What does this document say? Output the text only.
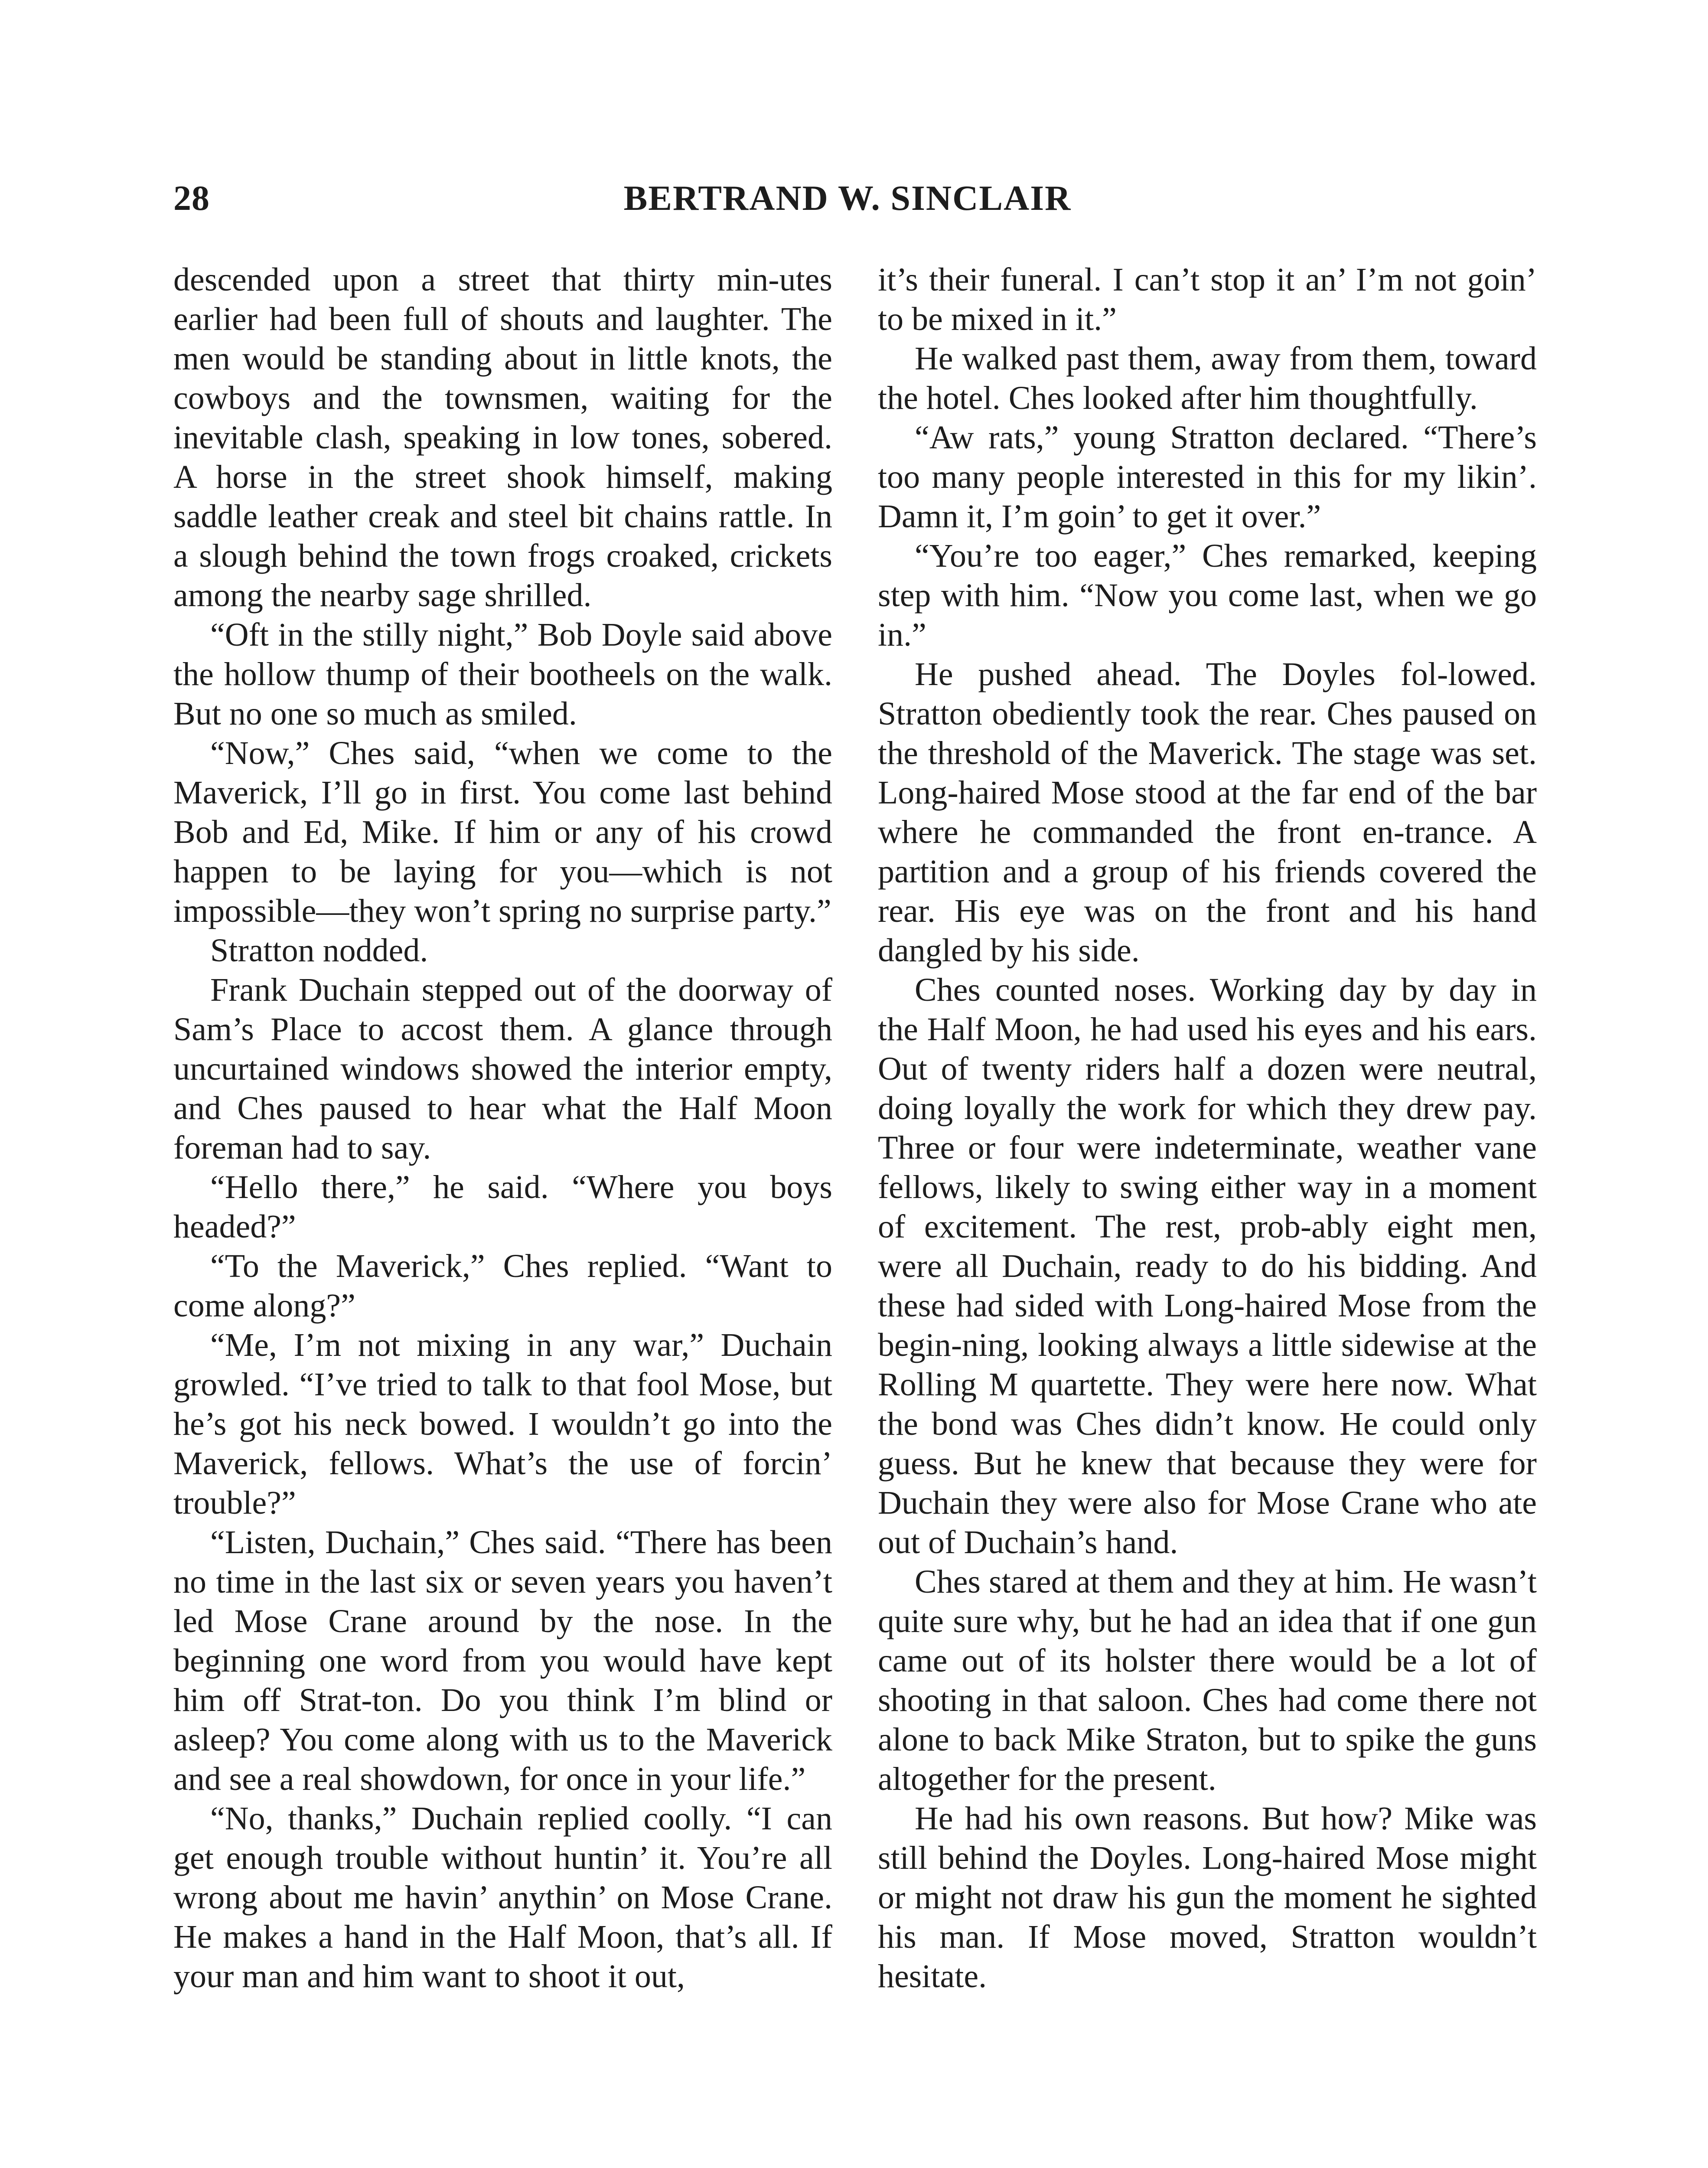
28	BERTRAND W. SINCLAIR

descended upon a street that thirty min-utes earlier had been full of shouts and laughter. The men would be standing about in little knots, the cowboys and the townsmen, waiting for the inevitable clash, speaking in low tones, sobered. A horse in the street shook himself, making saddle leather creak and steel bit chains rattle. In a slough behind the town frogs croaked, crickets among the nearby sage shrilled.

“Oft in the stilly night,” Bob Doyle said above the hollow thump of their bootheels on the walk. But no one so much as smiled.

“Now,” Ches said, “when we come to the Maverick, I’ll go in first. You come last behind Bob and Ed, Mike. If him or any of his crowd happen to be laying for you—which is not impossible—they won’t spring no surprise party.”

Stratton nodded.

Frank Duchain stepped out of the doorway of Sam’s Place to accost them. A glance through uncurtained windows showed the interior empty, and Ches paused to hear what the Half Moon foreman had to say.

“Hello there,” he said. “Where you boys headed?”

“To the Maverick,” Ches replied. “Want to come along?”

“Me, I’m not mixing in any war,” Duchain growled. “I’ve tried to talk to that fool Mose, but he’s got his neck bowed. I wouldn’t go into the Maverick, fellows. What’s the use of forcin’ trouble?”

“Listen, Duchain,” Ches said. “There has been no time in the last six or seven years you haven’t led Mose Crane around by the nose. In the beginning one word from you would have kept him off Strat-ton. Do you think I’m blind or asleep? You come along with us to the Maverick and see a real showdown, for once in your life.”

“No, thanks,” Duchain replied coolly. “I can get enough trouble without huntin’ it. You’re all wrong about me havin’ anythin’ on Mose Crane. He makes a hand in the Half Moon, that’s all. If your man and him want to shoot it out,

it’s their funeral. I can’t stop it an’ I’m not goin’ to be mixed in it.”

He walked past them, away from them, toward the hotel. Ches looked after him thoughtfully.

“Aw rats,” young Stratton declared. “There’s too many people interested in this for my likin’. Damn it, I’m goin’ to get it over.”

“You’re too eager,” Ches remarked, keeping step with him. “Now you come last, when we go in.”

He pushed ahead. The Doyles fol-lowed. Stratton obediently took the rear. Ches paused on the threshold of the Maverick. The stage was set. Long-haired Mose stood at the far end of the bar where he commanded the front en-trance. A partition and a group of his friends covered the rear. His eye was on the front and his hand dangled by his side.

Ches counted noses. Working day by day in the Half Moon, he had used his eyes and his ears. Out of twenty riders half a dozen were neutral, doing loyally the work for which they drew pay. Three or four were indeterminate, weather vane fellows, likely to swing either way in a moment of excitement. The rest, prob-ably eight men, were all Duchain, ready to do his bidding. And these had sided with Long-haired Mose from the begin-ning, looking always a little sidewise at the Rolling M quartette. They were here now. What the bond was Ches didn’t know. He could only guess. But he knew that because they were for Duchain they were also for Mose Crane who ate out of Duchain’s hand.

Ches stared at them and they at him. He wasn’t quite sure why, but he had an idea that if one gun came out of its holster there would be a lot of shooting in that saloon. Ches had come there not alone to back Mike Straton, but to spike the guns altogether for the present.

He had his own reasons. But how? Mike was still behind the Doyles. Long-haired Mose might or might not draw his gun the moment he sighted his man. If Mose moved, Stratton wouldn’t hesitate.
